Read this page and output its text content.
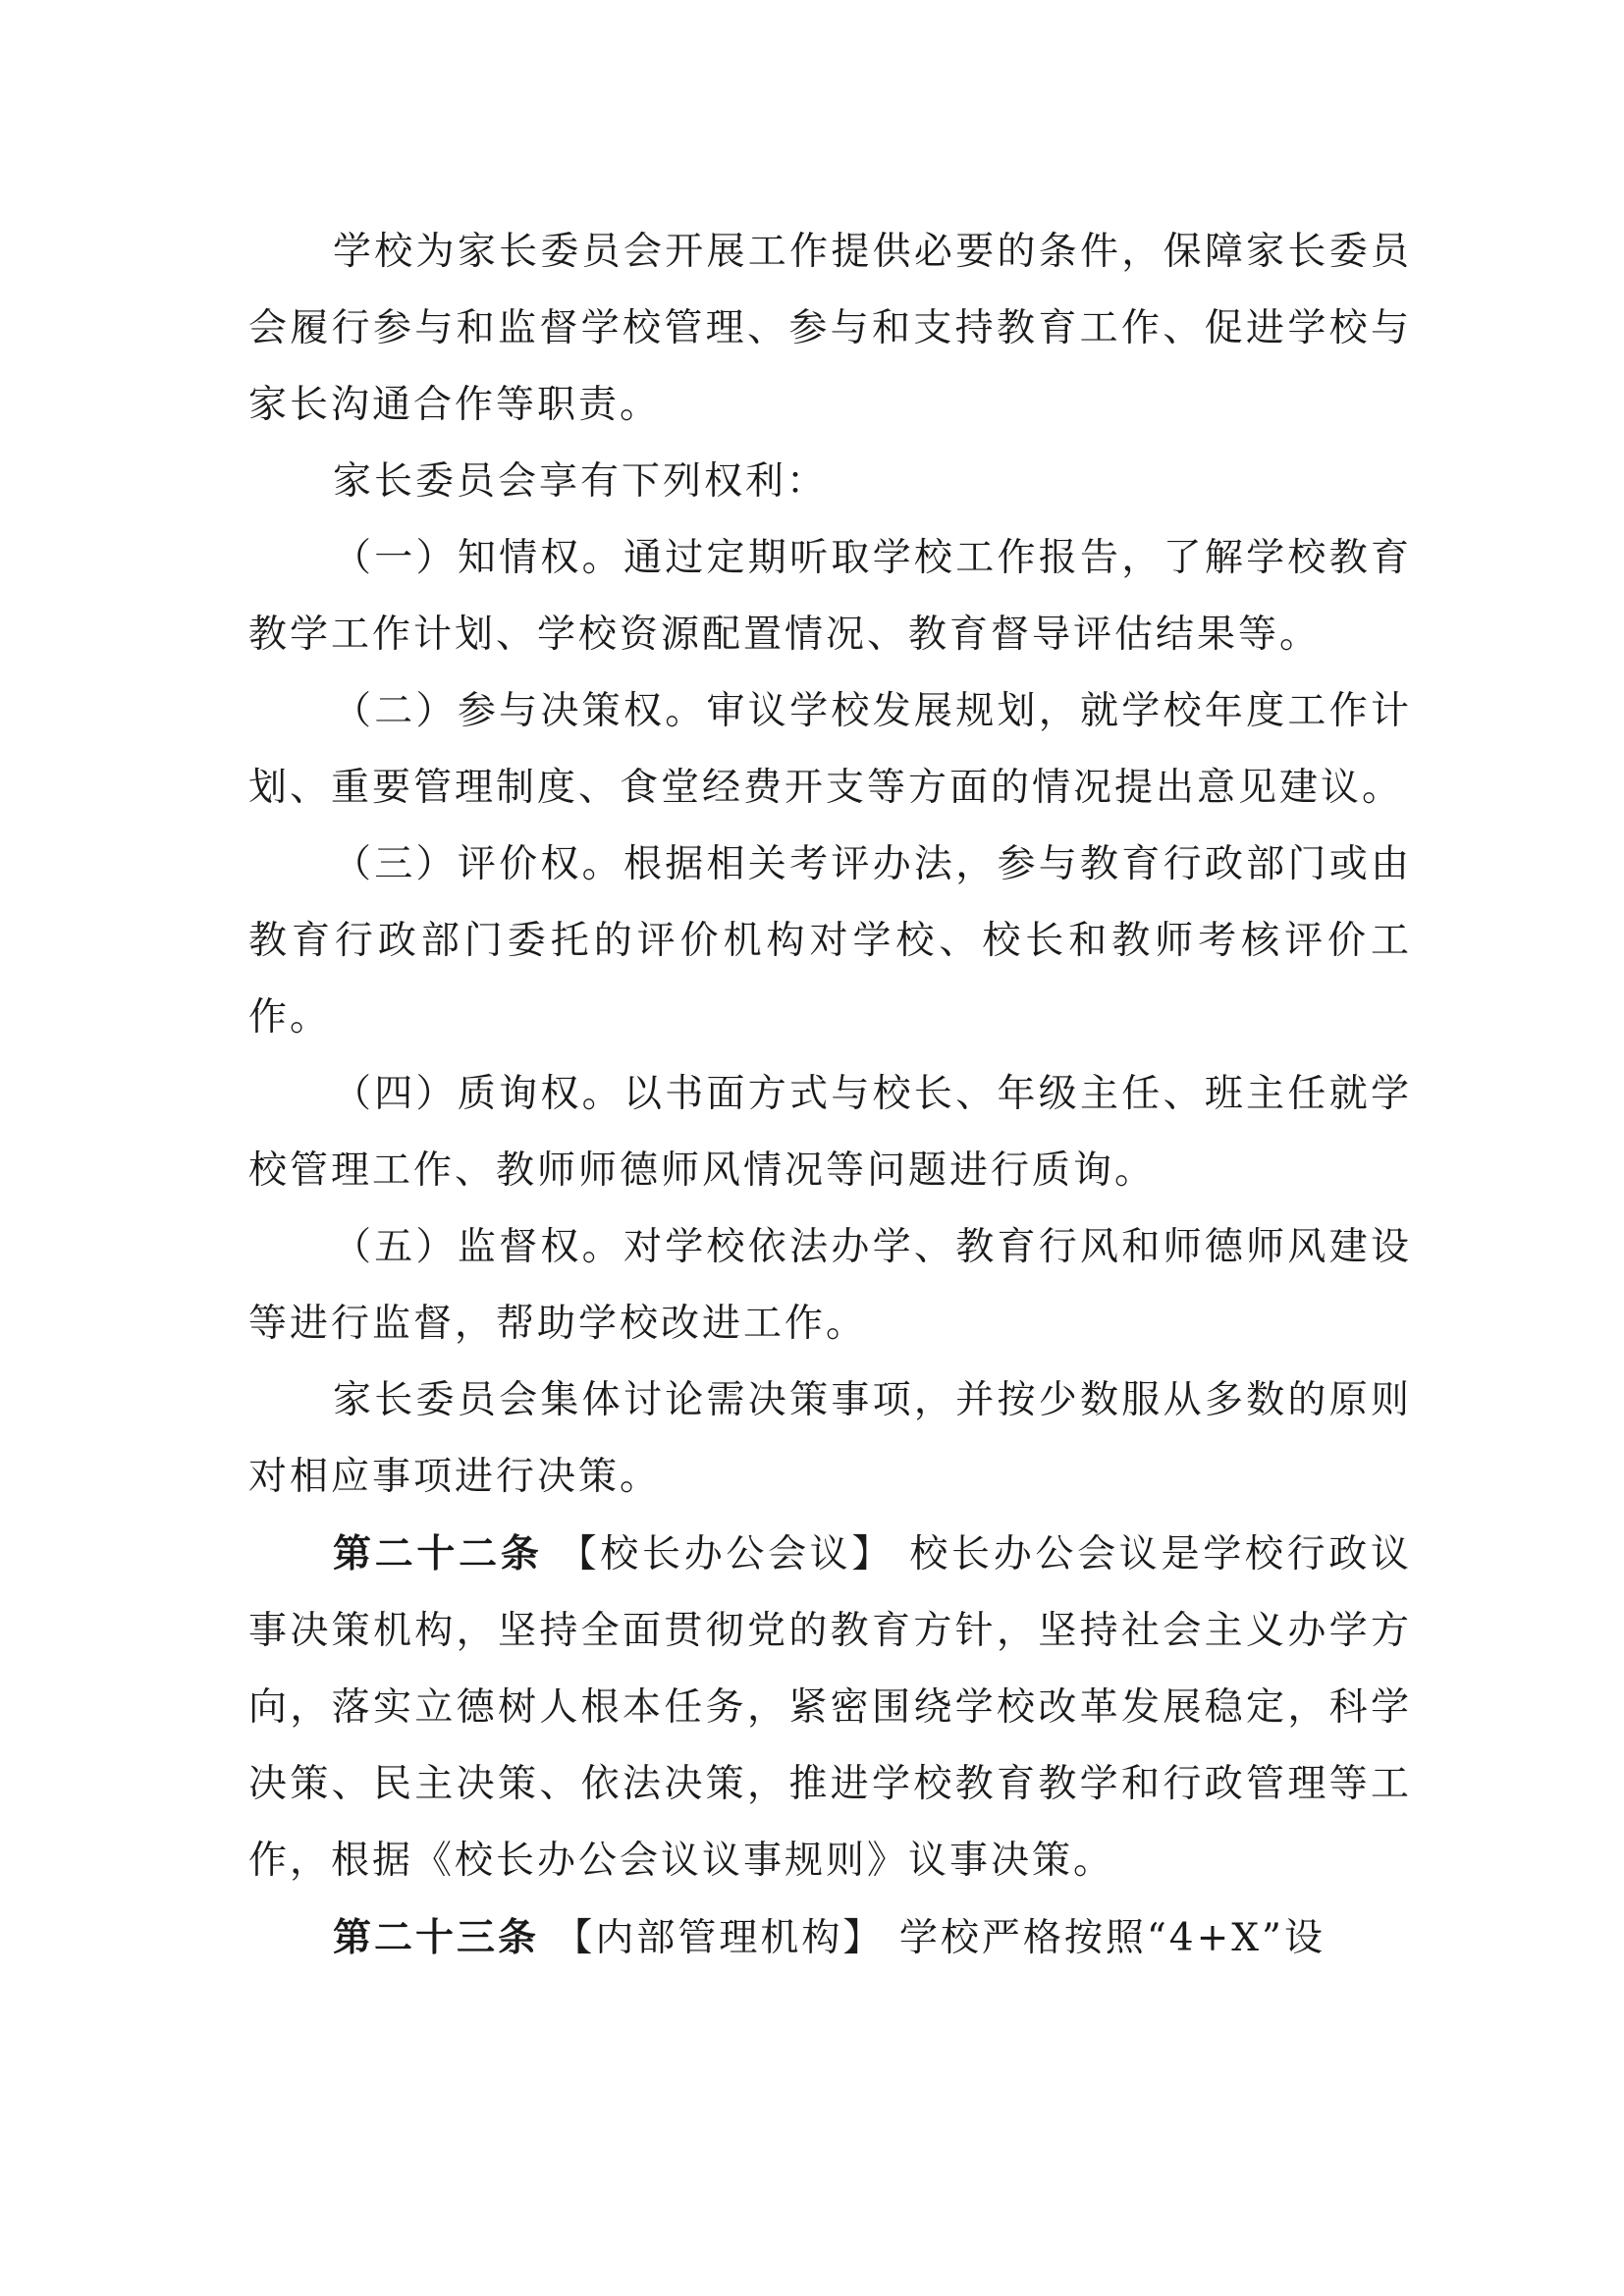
学校为家长委员会开展工作提供必要的条件，保障家长委员会履行参与和监督学校管理、参与和支持教育工作、促进学校与家长沟通合作等职责。

家长委员会享有下列权利：

（一）知情权。通过定期听取学校工作报告，了解学校教育教学工作计划、学校资源配置情况、教育督导评估结果等。

（二）参与决策权。审议学校发展规划，就学校年度工作计划、重要管理制度、食堂经费开支等方面的情况提出意见建议。

（三）评价权。根据相关考评办法，参与教育行政部门或由教育行政部门委托的评价机构对学校、校长和教师考核评价工作。

（四）质询权。以书面方式与校长、年级主任、班主任就学校管理工作、教师师德师风情况等问题进行质询。

（五）监督权。对学校依法办学、教育行风和师德师风建设等进行监督，帮助学校改进工作。

家长委员会集体讨论需决策事项，并按少数服从多数的原则对相应事项进行决策。

第二十二条 【校长办公会议】 校长办公会议是学校行政议事决策机构，坚持全面贯彻党的教育方针，坚持社会主义办学方向，落实立德树人根本任务，紧密围绕学校改革发展稳定，科学决策、民主决策、依法决策，推进学校教育教学和行政管理等工作，根据《校长办公会议议事规则》议事决策。

第二十三条 【内部管理机构】 学校严格按照“4+X”设
